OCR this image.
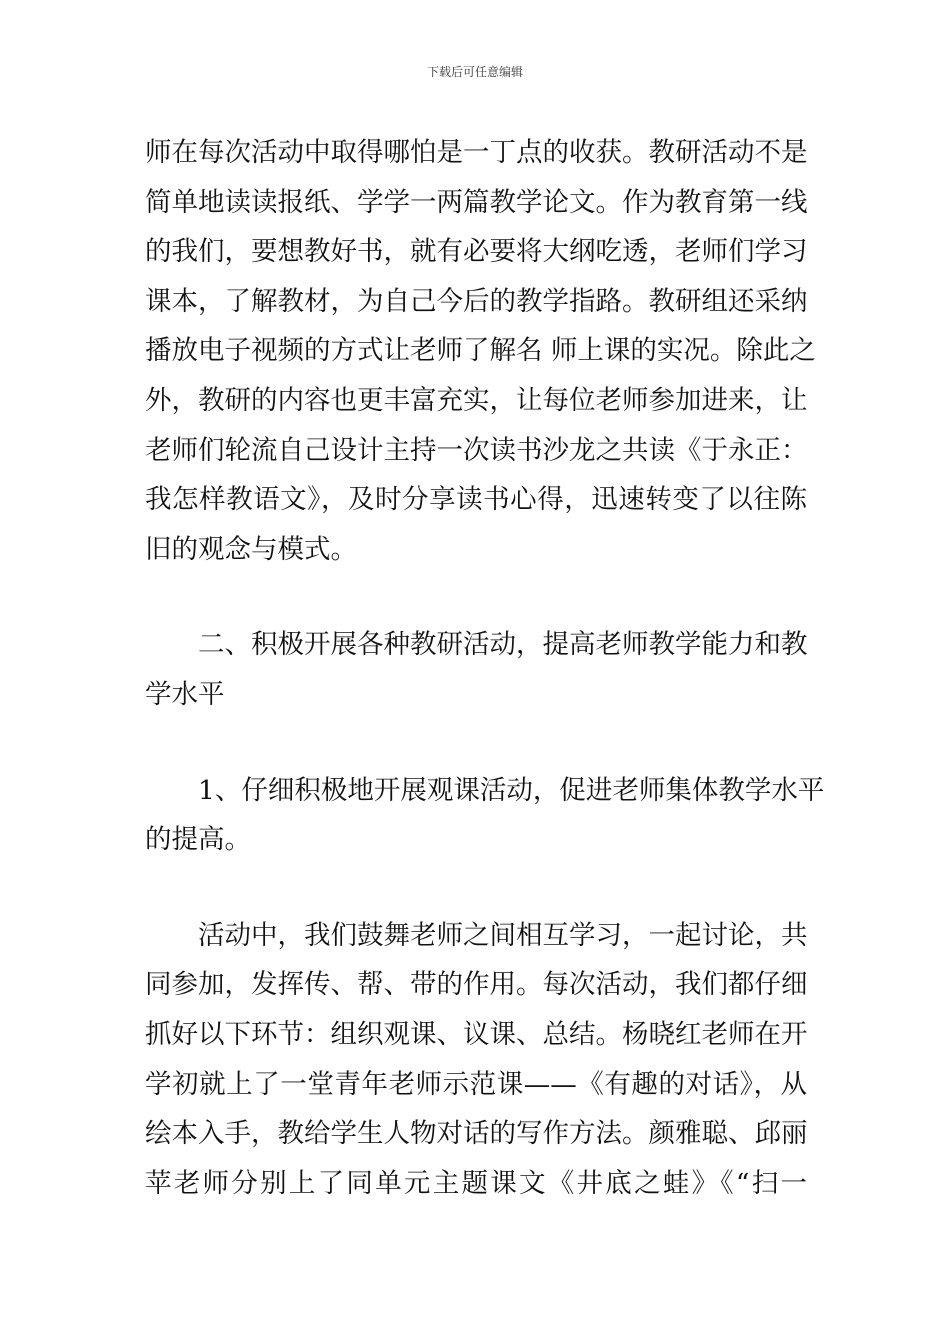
下载后可任意编辑
师在每次活动中取得哪怕是一丁点的收获。教研活动不是
简单地读读报纸、学学一两篇教学论文。作为教育第一线
的我们，要想教好书，就有必要将大纲吃透，老师们学习
课本，了解教材，为自己今后的教学指路。教研组还采纳
播放电子视频的方式让老师了解名 师上课的实况。除此之
外，教研的内容也更丰富充实，让每位老师参加进来，让
老师们轮流自己设计主持一次读书沙龙之共读《于永正：
我怎样教语文》，及时分享读书心得，迅速转变了以往陈
旧的观念与模式。
　　二、积极开展各种教研活动，提高老师教学能力和教
学水平
　　1、仔细积极地开展观课活动，促进老师集体教学水平
的提高。
　　活动中，我们鼓舞老师之间相互学习，一起讨论，共
同参加，发挥传、帮、带的作用。每次活动，我们都仔细
抓好以下环节：组织观课、议课、总结。杨晓红老师在开
学初就上了一堂青年老师示范课——《有趣的对话》，从
绘本入手，教给学生人物对话的写作方法。颜雅聪、邱丽
苹老师分别上了同单元主题课文《井底之蛙》《“扫一
